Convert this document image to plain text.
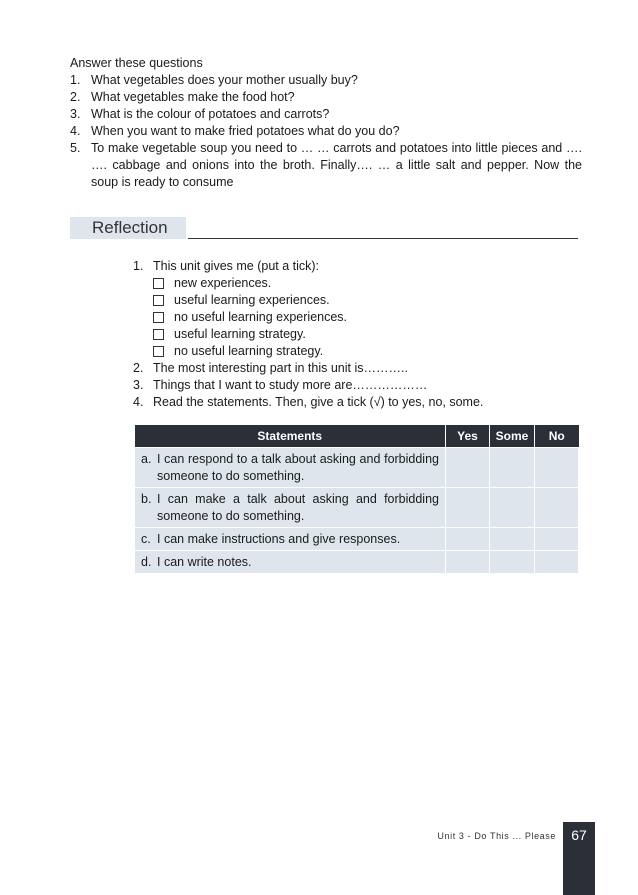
Answer these questions
1. What vegetables does your mother usually buy?
2. What vegetables make the food hot?
3. What is the colour of potatoes and carrots?
4. When you want to make fried potatoes what do you do?
5. To make vegetable soup you need to … … carrots and potatoes into little pieces and …. …. cabbage and onions into the broth. Finally…. … a little salt and pepper. Now the soup is ready to consume
Reflection
1. This unit gives me (put a tick):
new experiences.
useful learning experiences.
no useful learning experiences.
useful learning strategy.
no useful learning strategy.
2. The most interesting part in this unit is………..
3. Things that I want to study more are………………
4. Read the statements. Then, give a tick (√) to yes, no, some.
Statements	Yes	Some	No

a. I can respond to a talk about asking and forbidding someone to do something.			

b. I can make a talk about asking and forbidding someone to do something.			

c. I can make instructions and give responses.			

d. I can write notes.			
Unit 3 - Do This ... Please	67
